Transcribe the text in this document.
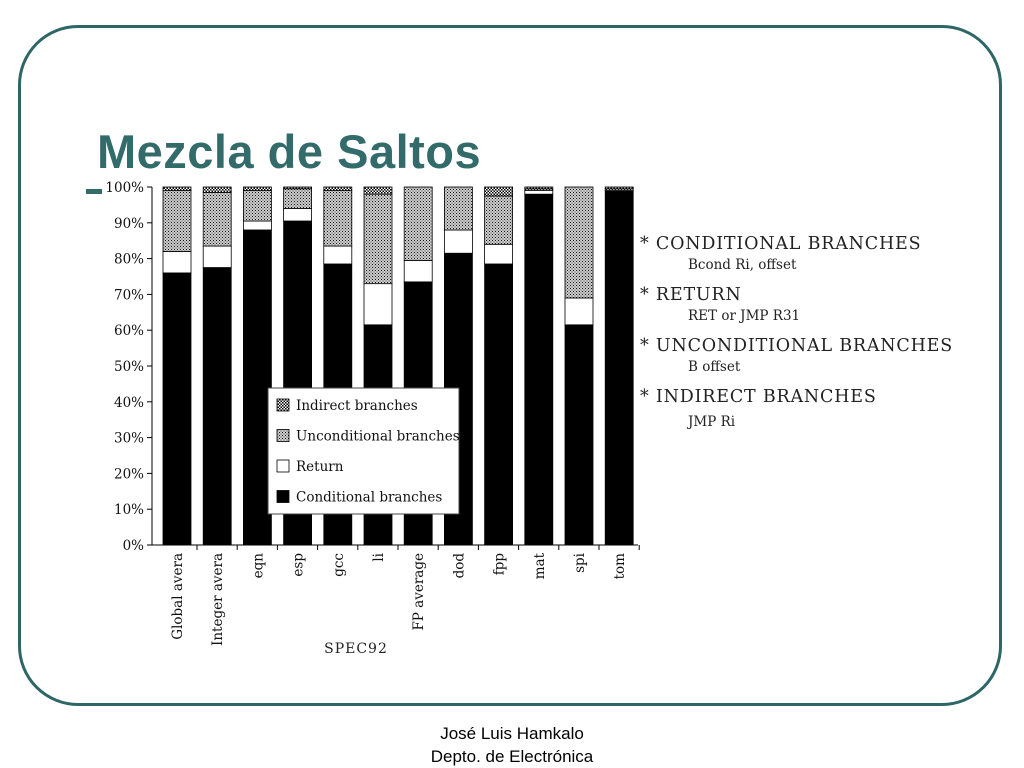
Mezcla de Saltos
0%
10%
20%
30%
40%
50%
60%
70%
80%
90%
100%
Global avera Integer avera eqn esp gcc li FP average dod fpp mat spi tom
Indirect branches
Unconditional branches
Return
Conditional branches
SPEC92

* CONDITIONAL BRANCHES

Bcond Ri, offset

* RETURN

RET or JMP R31

* UNCONDITIONAL BRANCHES

B offset

* INDIRECT BRANCHES

JMP Ri

José Luis Hamkalo
Depto. de Electrónica
